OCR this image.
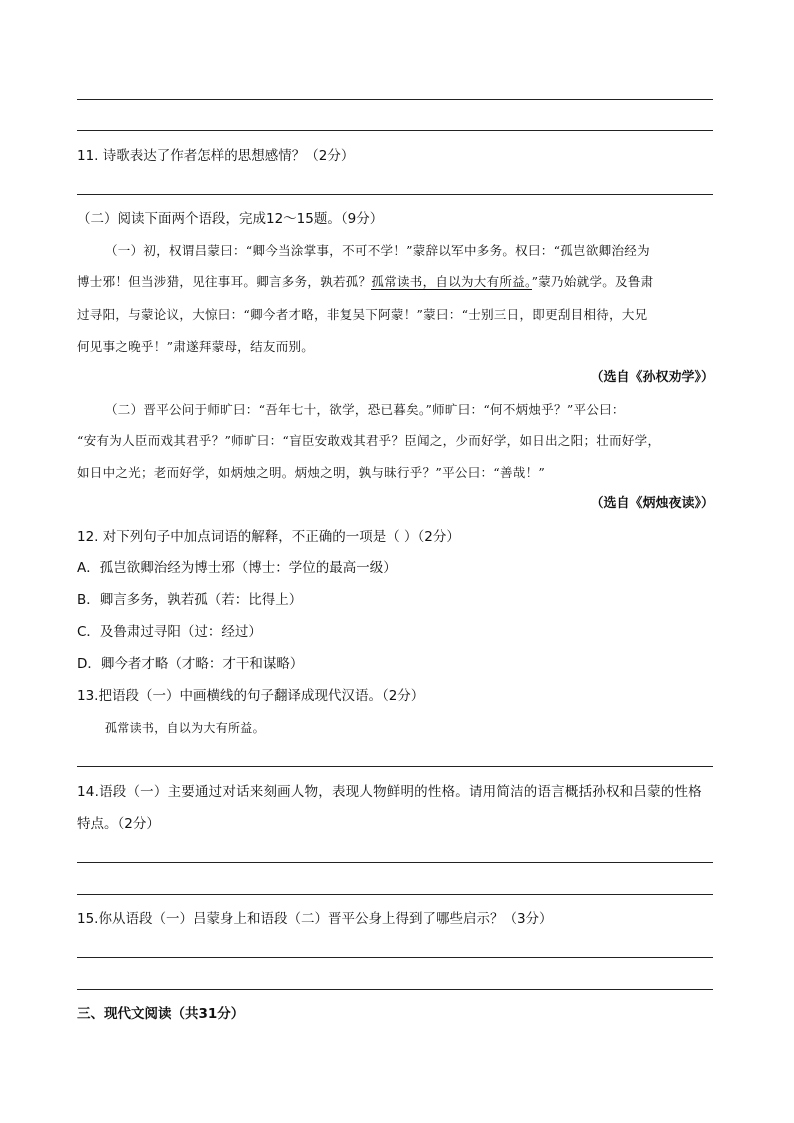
11. 诗歌表达了作者怎样的思想感情？（2分）
（二）阅读下面两个语段，完成12～15题。（9分）
（一）初，权谓吕蒙曰：“卿今当涂掌事，不可不学！”蒙辞以军中多务。权曰：“孤岂欲卿治经为
博士邪！但当涉猎，见往事耳。卿言多务，孰若孤？孤常读书，自以为大有所益。”蒙乃始就学。及鲁肃
过寻阳，与蒙论议，大惊曰：“卿今者才略，非复吴下阿蒙！”蒙曰：“士别三日，即更刮目相待，大兄
何见事之晚乎！”肃遂拜蒙母，结友而别。
（选自《孙权劝学》）
（二）晋平公问于师旷曰：“吾年七十，欲学，恐已暮矣。”师旷曰：“何不炳烛乎？”平公曰：
“安有为人臣而戏其君乎？”师旷曰：“盲臣安敢戏其君乎？臣闻之，少而好学，如日出之阳；壮而好学，
如日中之光；老而好学，如炳烛之明。炳烛之明，孰与昧行乎？”平公曰：“善哉！”
（选自《炳烛夜读》）
12. 对下列句子中加点词语的解释，不正确的一项是（ ）（2分）
A．孤岂欲卿治经为博士邪（博士：学位的最高一级）
B．卿言多务，孰若孤（若：比得上）
C．及鲁肃过寻阳（过：经过）
D．卿今者才略（才略：才干和谋略）
13.把语段（一）中画横线的句子翻译成现代汉语。（2分）
孤常读书，自以为大有所益。
14.语段（一）主要通过对话来刻画人物，表现人物鲜明的性格。请用简洁的语言概括孙权和吕蒙的性格
特点。（2分）
15.你从语段（一）吕蒙身上和语段（二）晋平公身上得到了哪些启示？（3分）
三、现代文阅读（共31分）
